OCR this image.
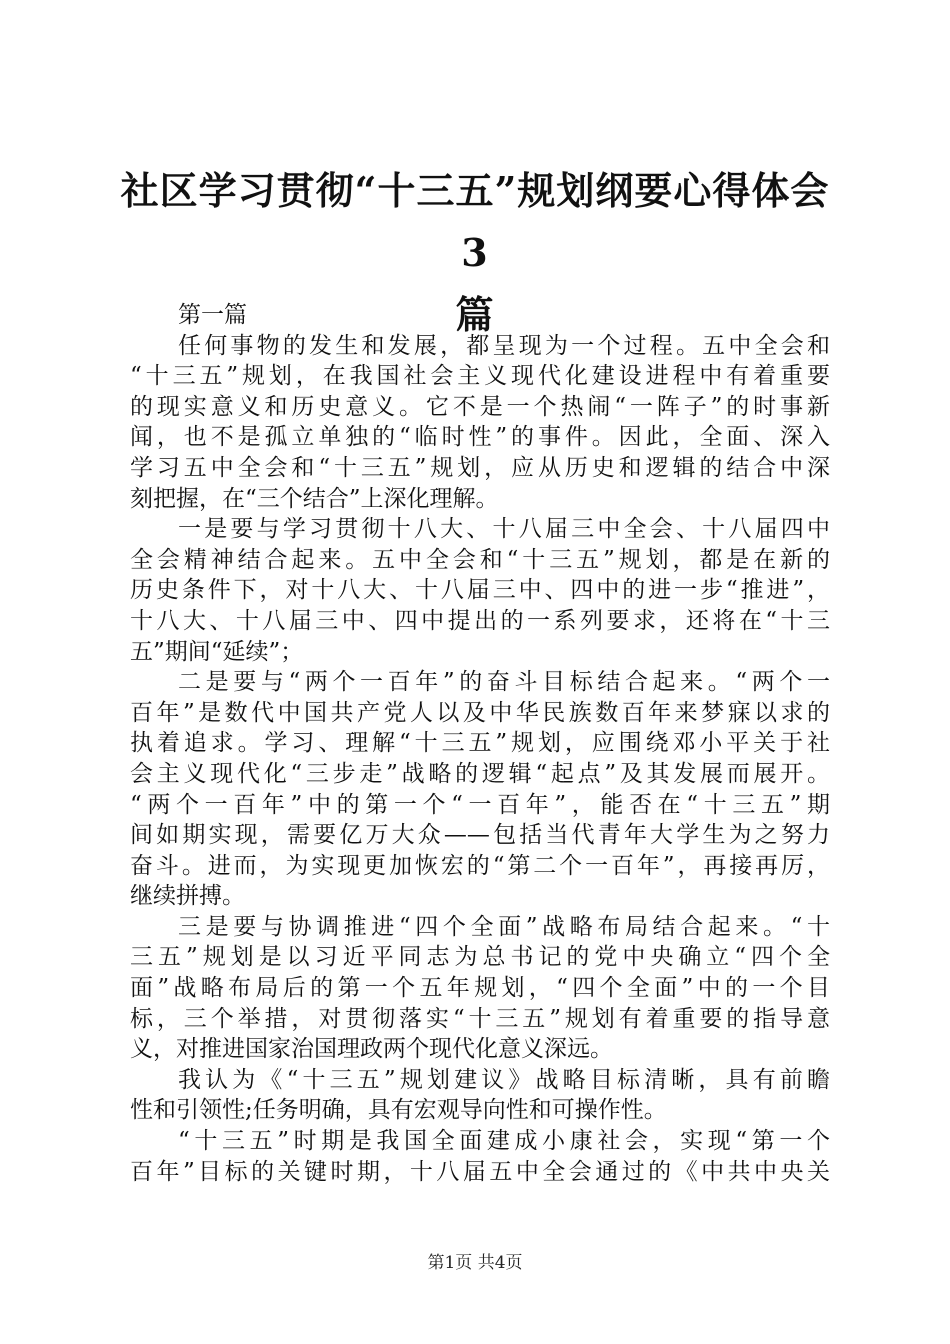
社区学习贯彻“十三五”规划纲要心得体会3
篇
第一篇
任何事物的发生和发展，都呈现为一个过程。五中全会和
“十三五”规划，在我国社会主义现代化建设进程中有着重要
的现实意义和历史意义。它不是一个热闹“一阵子”的时事新
闻，也不是孤立单独的“临时性”的事件。因此，全面、深入
学习五中全会和“十三五”规划，应从历史和逻辑的结合中深
刻把握，在“三个结合”上深化理解。
一是要与学习贯彻十八大、十八届三中全会、十八届四中
全会精神结合起来。五中全会和“十三五”规划，都是在新的
历史条件下，对十八大、十八届三中、四中的进一步“推进”，
十八大、十八届三中、四中提出的一系列要求，还将在“十三
五”期间“延续”；
二是要与“两个一百年”的奋斗目标结合起来。“两个一
百年”是数代中国共产党人以及中华民族数百年来梦寐以求的
执着追求。学习、理解“十三五”规划，应围绕邓小平关于社
会主义现代化“三步走”战略的逻辑“起点”及其发展而展开。
“两个一百年”中的第一个“一百年”，能否在“十三五”期
间如期实现，需要亿万大众——包括当代青年大学生为之努力
奋斗。进而，为实现更加恢宏的“第二个一百年”，再接再厉，
继续拼搏。
三是要与协调推进“四个全面”战略布局结合起来。“十
三五”规划是以习近平同志为总书记的党中央确立“四个全
面”战略布局后的第一个五年规划，“四个全面”中的一个目
标，三个举措，对贯彻落实“十三五”规划有着重要的指导意
义，对推进国家治国理政两个现代化意义深远。
我认为《“十三五”规划建议》战略目标清晰，具有前瞻
性和引领性;任务明确，具有宏观导向性和可操作性。
“十三五”时期是我国全面建成小康社会，实现“第一个
百年”目标的关键时期，十八届五中全会通过的《中共中央关
第1页 共4页
